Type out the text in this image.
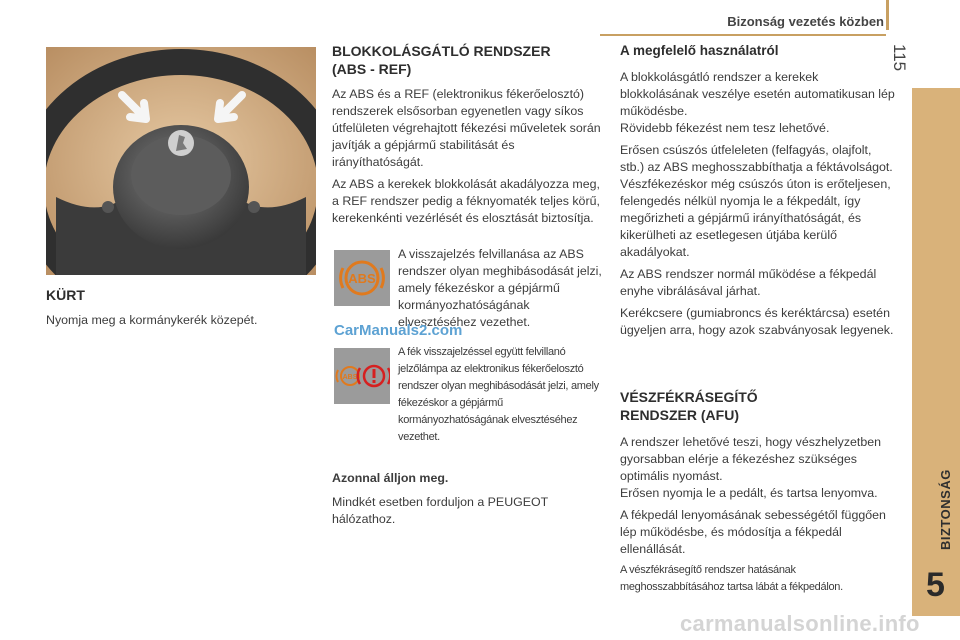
Bizonság vezetés közben
115
BIZTONSÁG
5
KÜRT

Nyomja meg a kormánykerék közepét.

BLOKKOLÁSGÁTLÓ RENDSZER
(ABS - REF)

Az ABS és a REF (elektronikus fékerőelosztó) rendszerek elsősorban egyenetlen vagy síkos útfelületen végrehajtott fékezési műveletek során javítják a gépjármű stabilitását és irányíthatóságát.

Az ABS a kerekek blokkolását akadályozza meg, a REF rendszer pedig a féknyomaték teljes körű, kerekenkénti vezérlését és elosztását biztosítja.

ABS

A visszajelzés felvillanása az ABS rendszer olyan meghibásodását jelzi, amely fékezéskor a gépjármű kormányozhatóságának elvesztéséhez vezethet.

CarManuals2.com
ABS
A fék visszajelzéssel együtt felvillanó jelzőlámpa az elektronikus fékerőelosztó rendszer olyan meghibásodását jelzi, amely fékezéskor a gépjármű kormányozhatóságának elvesztéséhez vezethet.
Azonnal álljon meg.

Mindkét esetben forduljon a PEUGEOT hálózathoz.

A megfelelő használatról

A blokkolásgátló rendszer a kerekek blokkolásának veszélye esetén automatikusan lép működésbe.

Rövidebb fékezést nem tesz lehetővé.

Erősen csúszós útfeleleten (felfagyás, olajfolt, stb.) az ABS meghosszabbíthatja a féktávolságot. Vészfékezéskor még csúszós úton is erőteljesen, felengedés nélkül nyomja le a fékpedált, így megőrizheti a gépjármű irányíthatóságát, és kikerülheti az esetlegesen útjába kerülő akadályokat.

Az ABS rendszer normál működése a fékpedál enyhe vibrálásával járhat.

Kerékcsere (gumiabroncs és keréktárcsa) esetén ügyeljen arra, hogy azok szabványosak legyenek.

VÉSZFÉKRÁSEGÍTŐ
RENDSZER (AFU)

A rendszer lehetővé teszi, hogy vészhelyzetben gyorsabban elérje a fékezéshez szükséges optimális nyomást.

Erősen nyomja le a pedált, és tartsa lenyomva.

A fékpedál lenyomásának sebességétől függően lép működésbe, és módosítja a fékpedál ellenállását.

A vészfékrásegítő rendszer hatásának meghosszabbításához tartsa lábát a fékpedálon.
carmanualsonline.info
